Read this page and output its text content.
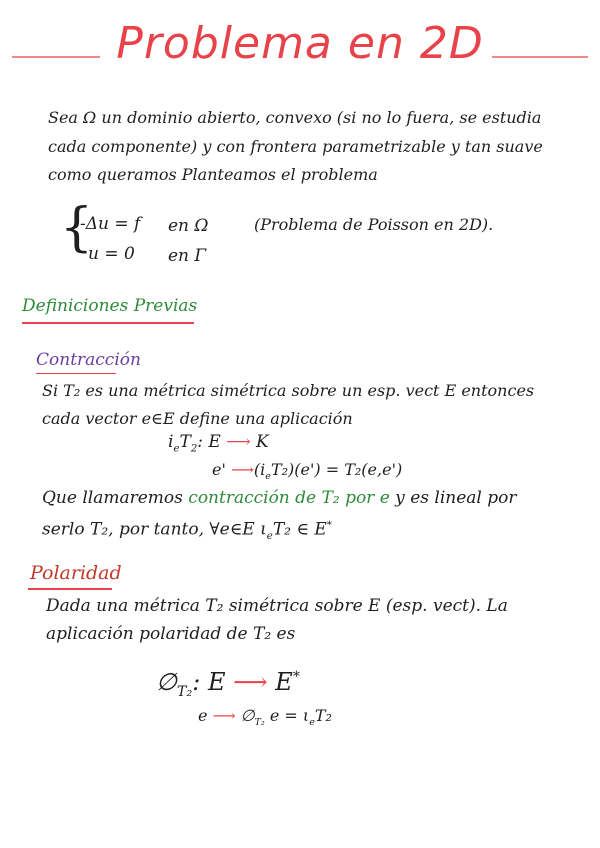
Problema en 2D
Sea Ω un dominio abierto, convexo (si no lo fuera, se estudia
cada componente) y con frontera parametrizable y tan suave
como queramos Planteamos el problema
{
-Δu = f en Ω
u = 0 en Γ
(Problema de Poisson en 2D).
Definiciones Previas
Contracción
Si T₂ es una métrica simétrica sobre un esp. vect E entonces
cada vector e∈E define una aplicación
$i_eT_2$: E ⟶ K
e' $⟶(i_eT_2)(e') = T_2(e,e')$
Que llamaremos contracción de T₂ por e y es lineal por
serlo T₂, por tanto, ∀e∈E $\iota_eT_2$ ∈ E*
Polaridad
Dada una métrica T₂ simétrica sobre E (esp. vect). La
aplicación polaridad de T₂ es
$\emptyset_{T_2}$: E ⟶ E*
e ⟶ $\emptyset_{T_2}$ $e = \iota_eT_2$
